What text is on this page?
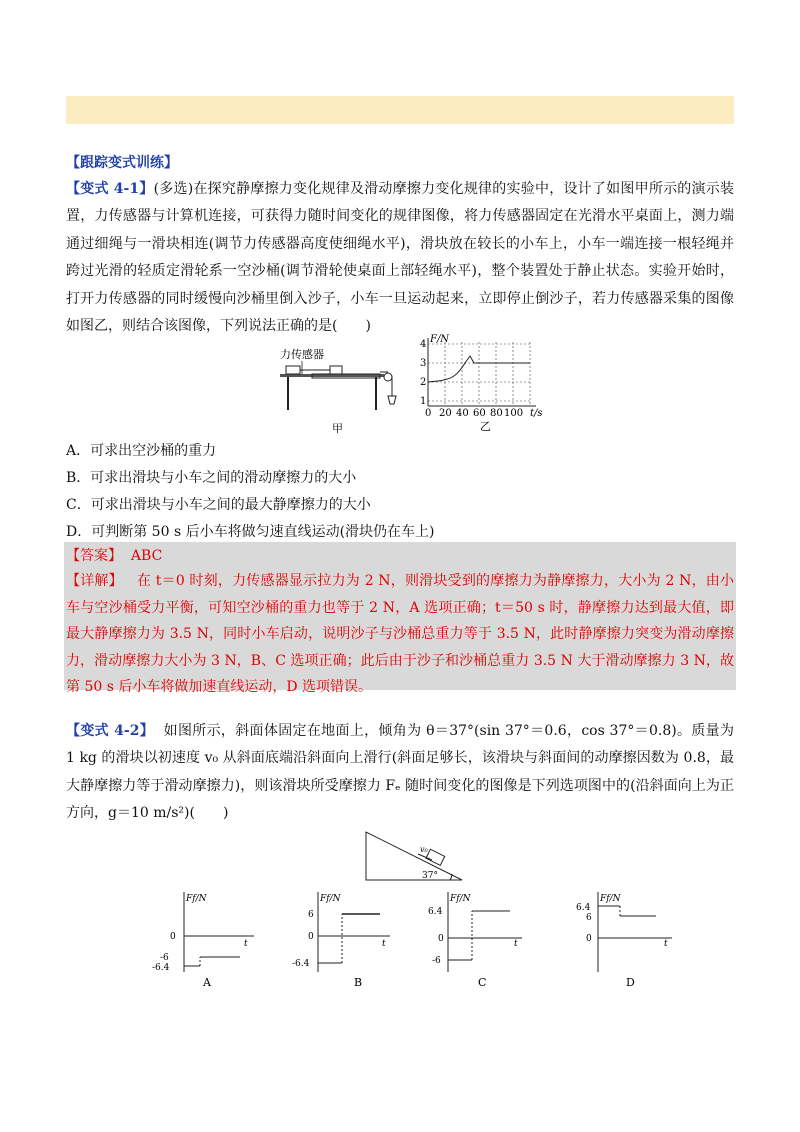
【跟踪变式训练】
【变式 4-1】(多选)在探究静摩擦力变化规律及滑动摩擦力变化规律的实验中，设计了如图甲所示的演示装置，力传感器与计算机连接，可获得力随时间变化的规律图像，将力传感器固定在光滑水平桌面上，测力端通过细绳与一滑块相连(调节力传感器高度使细绳水平)，滑块放在较长的小车上，小车一端连接一根轻绳并跨过光滑的轻质定滑轮系一空沙桶(调节滑轮使桌面上部轻绳水平)，整个装置处于静止状态。实验开始时，打开力传感器的同时缓慢向沙桶里倒入沙子，小车一旦运动起来，立即停止倒沙子，若力传感器采集的图像如图乙，则结合该图像，下列说法正确的是(　　)
力传感器
甲
F/N
1
2
3
4
0 20 40 60 80 100 t/s
乙
A．可求出空沙桶的重力
B．可求出滑块与小车之间的滑动摩擦力的大小
C．可求出滑块与小车之间的最大静摩擦力的大小
D．可判断第 50 s 后小车将做匀速直线运动(滑块仍在车上)
【答案】 ABC
【详解】 在 t＝0 时刻，力传感器显示拉力为 2 N，则滑块受到的摩擦力为静摩擦力，大小为 2 N，由小车与空沙桶受力平衡，可知空沙桶的重力也等于 2 N，A 选项正确；t＝50 s 时，静摩擦力达到最大值，即最大静摩擦力为 3.5 N，同时小车启动，说明沙子与沙桶总重力等于 3.5 N，此时静摩擦力突变为滑动摩擦力，滑动摩擦力大小为 3 N，B、C 选项正确；此后由于沙子和沙桶总重力 3.5 N 大于滑动摩擦力 3 N，故第 50 s 后小车将做加速直线运动，D 选项错误。
【变式 4-2】 如图所示，斜面体固定在地面上，倾角为 θ＝37°(sin 37°＝0.6，cos 37°＝0.8)。质量为 1 kg 的滑块以初速度 v₀ 从斜面底端沿斜面向上滑行(斜面足够长，该滑块与斜面间的动摩擦因数为 0.8，最大静摩擦力等于滑动摩擦力)，则该滑块所受摩擦力 Fₑ 随时间变化的图像是下列选项图中的(沿斜面向上为正方向，g＝10 m/s²)(　　)
v₀
37°
Ff/N
t
0
-6
-6.4
A
Ff/N
t
6
0
-6.4
B
Ff/N
t
6.4
0
-6
C
Ff/N
t
6.4
6
0
D
